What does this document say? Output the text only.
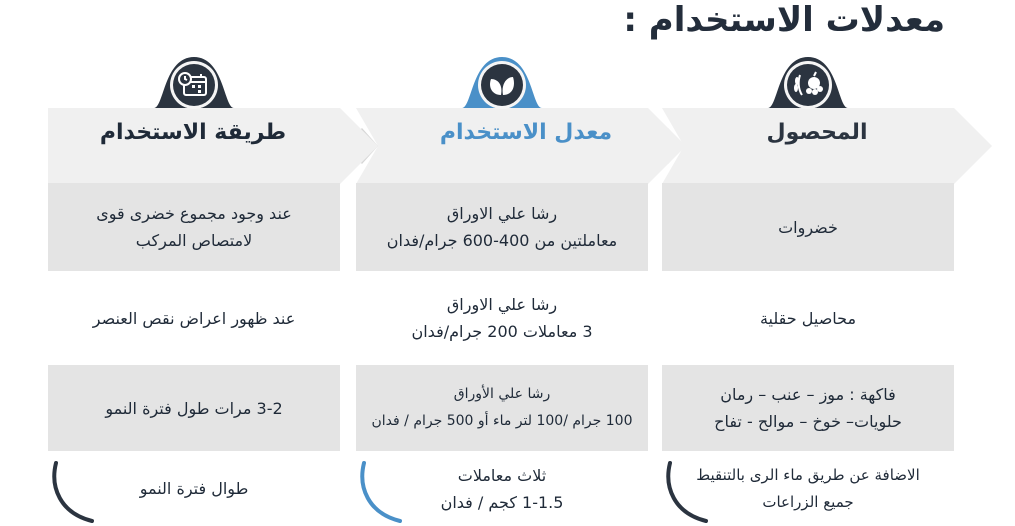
معدلات الاستخدام :
المحصول
خضروات
محاصيل حقلية
فاكهة : موز – عنب – رمان
حلويات– خوخ – موالح - تفاح
الاضافة عن طريق ماء الرى بالتنقيط
جميع الزراعات
معدل الاستخدام
رشا علي الاوراق
معاملتين من 400-600 جرام/فدان
رشا علي الاوراق
3 معاملات 200 جرام/فدان
رشا علي الأوراق
100 جرام /100 لتر ماء أو 500 جرام / فدان
ثلاث معاملات
1-1.5 كجم / فدان
طريقة الاستخدام
عند وجود مجموع خضرى قوى
لامتصاص المركب
عند ظهور اعراض نقص العنصر
3-2 مرات طول فترة النمو
طوال فترة النمو
